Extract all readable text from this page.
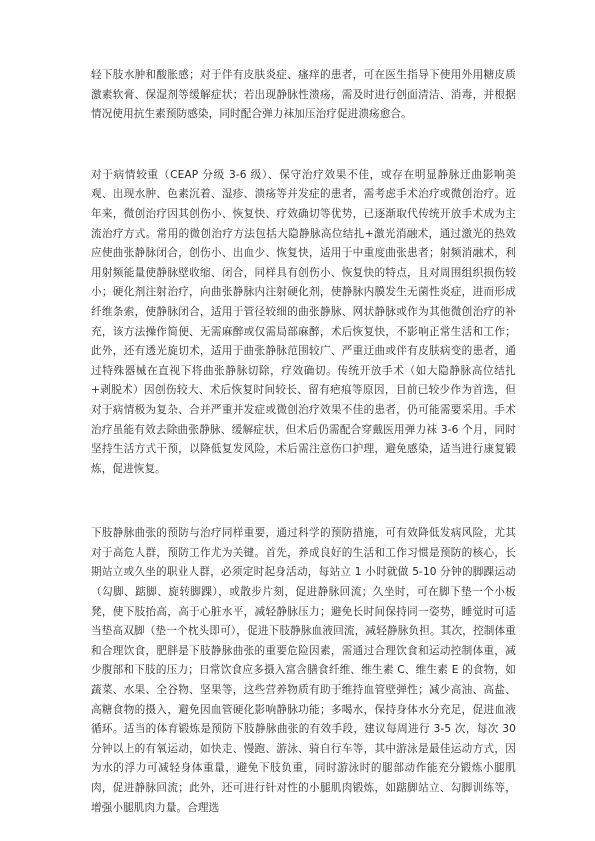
轻下肢水肿和酸胀感；对于伴有皮肤炎症、瘙痒的患者，可在医生指导下使用外用糖皮质激素软膏、保湿剂等缓解症状；若出现静脉性溃疡，需及时进行创面清洁、消毒，并根据情况使用抗生素预防感染，同时配合弹力袜加压治疗促进溃疡愈合。

对于病情较重（CEAP 分级 3-6 级）、保守治疗效果不佳，或存在明显静脉迂曲影响美观、出现水肿、色素沉着、湿疹、溃疡等并发症的患者，需考虑手术治疗或微创治疗。近年来，微创治疗因其创伤小、恢复快、疗效确切等优势，已逐渐取代传统开放手术成为主流治疗方式。常用的微创治疗方法包括大隐静脉高位结扎+激光消融术，通过激光的热效应使曲张静脉闭合，创伤小、出血少、恢复快，适用于中重度曲张患者；射频消融术，利用射频能量使静脉壁收缩、闭合，同样具有创伤小、恢复快的特点，且对周围组织损伤较小；硬化剂注射治疗，向曲张静脉内注射硬化剂，使静脉内膜发生无菌性炎症，进而形成纤维条索，使静脉闭合，适用于管径较细的曲张静脉、网状静脉或作为其他微创治疗的补充，该方法操作简便、无需麻醉或仅需局部麻醉，术后恢复快，不影响正常生活和工作；此外，还有透光旋切术，适用于曲张静脉范围较广、严重迂曲或伴有皮肤病变的患者，通过特殊器械在直视下将曲张静脉切除，疗效确切。传统开放手术（如大隐静脉高位结扎+剥脱术）因创伤较大、术后恢复时间较长、留有疤痕等原因，目前已较少作为首选，但对于病情极为复杂、合并严重并发症或微创治疗效果不佳的患者，仍可能需要采用。手术治疗虽能有效去除曲张静脉、缓解症状，但术后仍需配合穿戴医用弹力袜 3-6 个月，同时坚持生活方式干预，以降低复发风险，术后需注意伤口护理，避免感染，适当进行康复锻炼，促进恢复。

下肢静脉曲张的预防与治疗同样重要，通过科学的预防措施，可有效降低发病风险，尤其对于高危人群，预防工作尤为关键。首先，养成良好的生活和工作习惯是预防的核心，长期站立或久坐的职业人群，必须定时起身活动，每站立 1 小时就做 5-10 分钟的脚踝运动（勾脚、踮脚、旋转脚踝），或散步片刻，促进静脉回流；久坐时，可在脚下垫一个小板凳，使下肢抬高，高于心脏水平，减轻静脉压力；避免长时间保持同一姿势，睡觉时可适当垫高双脚（垫一个枕头即可），促进下肢静脉血液回流，减轻静脉负担。其次，控制体重和合理饮食，肥胖是下肢静脉曲张的重要危险因素，需通过合理饮食和运动控制体重，减少腹部和下肢的压力；日常饮食应多摄入富含膳食纤维、维生素 C、维生素 E 的食物，如蔬菜、水果、全谷物、坚果等，这些营养物质有助于维持血管壁弹性；减少高油、高盐、高糖食物的摄入，避免因血管硬化影响静脉功能；多喝水，保持身体水分充足，促进血液循环。适当的体育锻炼是预防下肢静脉曲张的有效手段，建议每周进行 3-5 次，每次 30 分钟以上的有氧运动，如快走、慢跑、游泳、骑自行车等，其中游泳是最佳运动方式，因为水的浮力可减轻身体重量，避免下肢负重，同时游泳时的腿部动作能充分锻炼小腿肌肉，促进静脉回流；此外，还可进行针对性的小腿肌肉锻炼，如踮脚站立、勾脚训练等，增强小腿肌肉力量。合理选
